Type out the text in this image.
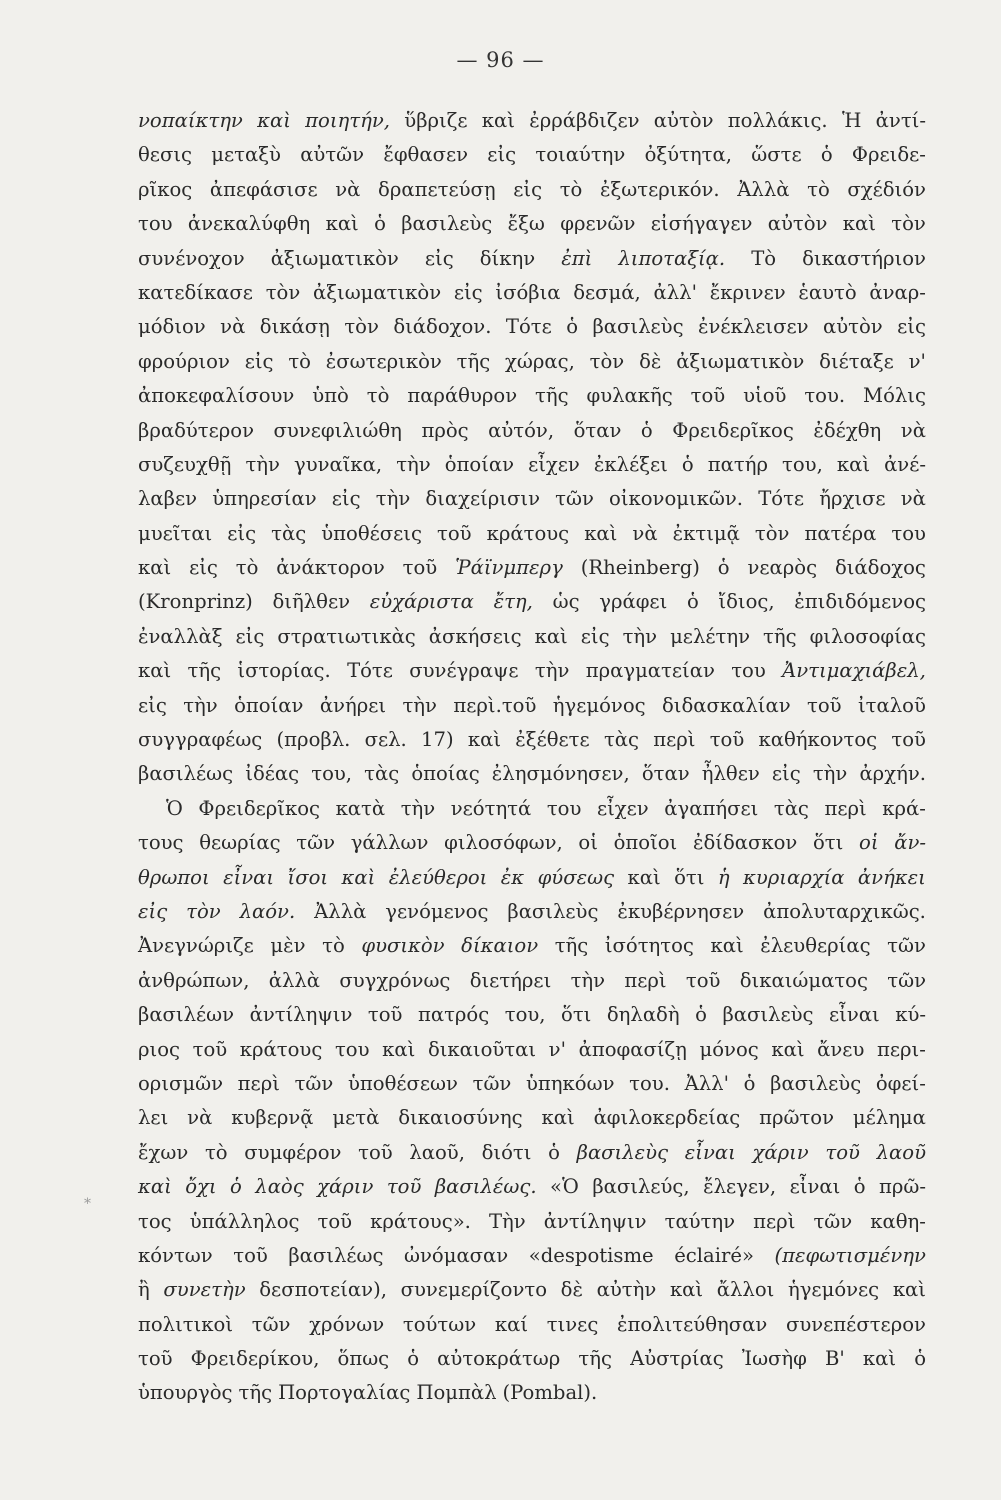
— 96 —
*
νοπαίκτην καὶ ποιητήν, ὕβριζε καὶ ἐρράβδιζεν αὐτὸν πολλάκις. Ἡ ἀντί-
θεσις μεταξὺ αὐτῶν ἔφθασεν εἰς τοιαύτην ὀξύτητα, ὥστε ὁ Φρειδε-
ρῖκος ἀπεφάσισε νὰ δραπετεύσῃ εἰς τὸ ἐξωτερικόν. Ἀλλὰ τὸ σχέδιόν
του ἀνεκαλύφθη καὶ ὁ βασιλεὺς ἔξω φρενῶν εἰσήγαγεν αὐτὸν καὶ τὸν
συνένοχον ἀξιωματικὸν εἰς δίκην ἐπὶ λιποταξίᾳ. Τὸ δικαστήριον
κατεδίκασε τὸν ἀξιωματικὸν εἰς ἰσόβια δεσμά, ἀλλ' ἔκρινεν ἑαυτὸ ἀναρ-
μόδιον νὰ δικάσῃ τὸν διάδοχον. Τότε ὁ βασιλεὺς ἐνέκλεισεν αὐτὸν εἰς
φρούριον εἰς τὸ ἐσωτερικὸν τῆς χώρας, τὸν δὲ ἀξιωματικὸν διέταξε ν'
ἀποκεφαλίσουν ὑπὸ τὸ παράθυρον τῆς φυλακῆς τοῦ υἱοῦ του. Μόλις
βραδύτερον συνεφιλιώθη πρὸς αὐτόν, ὅταν ὁ Φρειδερῖκος ἐδέχθη νὰ
συζευχθῇ τὴν γυναῖκα, τὴν ὁποίαν εἶχεν ἐκλέξει ὁ πατήρ του, καὶ ἀνέ-
λαβεν ὑπηρεσίαν εἰς τὴν διαχείρισιν τῶν οἰκονομικῶν. Τότε ἤρχισε νὰ
μυεῖται εἰς τὰς ὑποθέσεις τοῦ κράτους καὶ νὰ ἐκτιμᾷ τὸν πατέρα του
καὶ εἰς τὸ ἀνάκτορον τοῦ Ῥάϊνμπεργ (Rheinberg) ὁ νεαρὸς διάδοχος
(Kronprinz) διῆλθεν εὐχάριστα ἔτη, ὡς γράφει ὁ ἴδιος, ἐπιδιδόμενος
ἐναλλὰξ εἰς στρατιωτικὰς ἀσκήσεις καὶ εἰς τὴν μελέτην τῆς φιλοσοφίας
καὶ τῆς ἱστορίας. Τότε συνέγραψε τὴν πραγματείαν του Ἀντιμαχιάβελ,
εἰς τὴν ὁποίαν ἀνήρει τὴν περὶ.τοῦ ἡγεμόνος διδασκαλίαν τοῦ ἰταλοῦ
συγγραφέως (προβλ. σελ. 17) καὶ ἐξέθετε τὰς περὶ τοῦ καθήκοντος τοῦ
βασιλέως ἰδέας του, τὰς ὁποίας ἐλησμόνησεν, ὅταν ἦλθεν εἰς τὴν ἀρχήν.
Ὁ Φρειδερῖκος κατὰ τὴν νεότητά του εἶχεν ἀγαπήσει τὰς περὶ κρά-
τους θεωρίας τῶν γάλλων φιλοσόφων, οἱ ὁποῖοι ἐδίδασκον ὅτι οἱ ἄν-
θρωποι εἶναι ἴσοι καὶ ἐλεύθεροι ἐκ φύσεως καὶ ὅτι ἡ κυριαρχία ἀνήκει
εἰς τὸν λαόν. Ἀλλὰ γενόμενος βασιλεὺς ἐκυβέρνησεν ἀπολυταρχικῶς.
Ἀνεγνώριζε μὲν τὸ φυσικὸν δίκαιον τῆς ἰσότητος καὶ ἐλευθερίας τῶν
ἀνθρώπων, ἀλλὰ συγχρόνως διετήρει τὴν περὶ τοῦ δικαιώματος τῶν
βασιλέων ἀντίληψιν τοῦ πατρός του, ὅτι δηλαδὴ ὁ βασιλεὺς εἶναι κύ-
ριος τοῦ κράτους του καὶ δικαιοῦται ν' ἀποφασίζῃ μόνος καὶ ἄνευ περι-
ορισμῶν περὶ τῶν ὑποθέσεων τῶν ὑπηκόων του. Ἀλλ' ὁ βασιλεὺς ὀφεί-
λει νὰ κυβερνᾷ μετὰ δικαιοσύνης καὶ ἀφιλοκερδείας πρῶτον μέλημα
ἔχων τὸ συμφέρον τοῦ λαοῦ, διότι ὁ βασιλεὺς εἶναι χάριν τοῦ λαοῦ
καὶ ὄχι ὁ λαὸς χάριν τοῦ βασιλέως. «Ὁ βασιλεύς, ἔλεγεν, εἶναι ὁ πρῶ-
τος ὑπάλληλος τοῦ κράτους». Τὴν ἀντίληψιν ταύτην περὶ τῶν καθη-
κόντων τοῦ βασιλέως ὠνόμασαν «despotisme éclairé» (πεφωτισμένην
ἢ συνετὴν δεσποτείαν), συνεμερίζοντο δὲ αὐτὴν καὶ ἄλλοι ἡγεμόνες καὶ
πολιτικοὶ τῶν χρόνων τούτων καί τινες ἐπολιτεύθησαν συνεπέστερον
τοῦ Φρειδερίκου, ὅπως ὁ αὐτοκράτωρ τῆς Αὐστρίας Ἰωσὴφ Β' καὶ ὁ
ὑπουργὸς τῆς Πορτογαλίας Πομπὰλ (Pombal).
